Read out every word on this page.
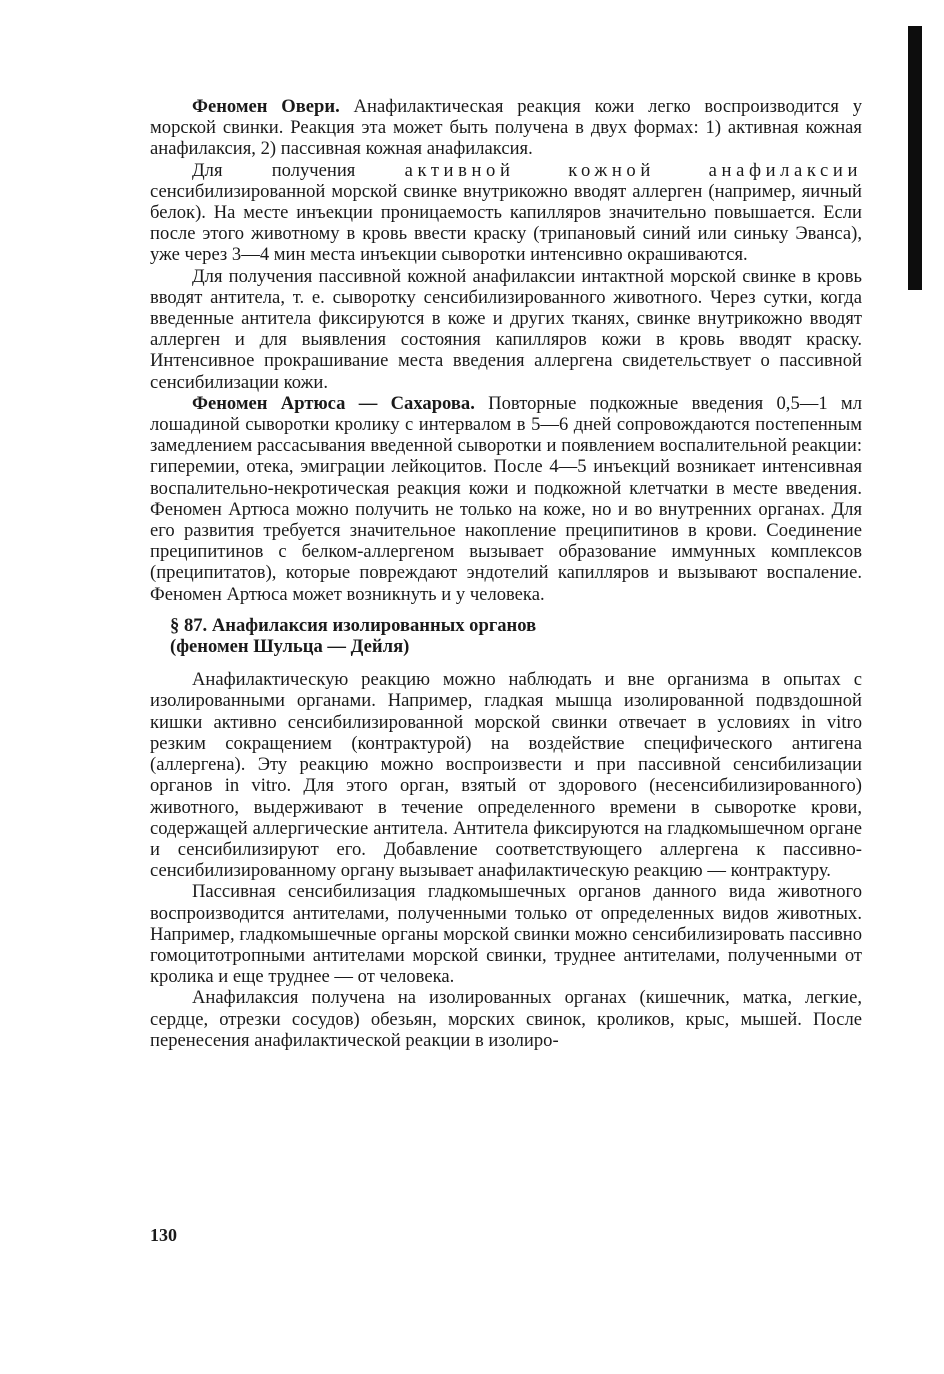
Феномен Овери. Анафилактическая реакция кожи легко воспроизводится у морской свинки. Реакция эта может быть получена в двух формах: 1) активная кожная анафилаксия, 2) пассивная кожная анафилаксия.

Для получения активной кожной анафилаксии сенсибилизированной морской свинке внутрикожно вводят аллерген (например, яичный белок). На месте инъекции проницаемость капилляров значительно повышается. Если после этого животному в кровь ввести краску (трипановый синий или синьку Эванса), уже через 3—4 мин места инъекции сыворотки интенсивно окрашиваются.

Для получения пассивной кожной анафилаксии интактной морской свинке в кровь вводят антитела, т. е. сыворотку сенсибилизированного животного. Через сутки, когда введенные антитела фиксируются в коже и других тканях, свинке внутрикожно вводят аллерген и для выявления состояния капилляров кожи в кровь вводят краску. Интенсивное прокрашивание места введения аллергена свидетельствует о пассивной сенсибилизации кожи.

Феномен Артюса — Сахарова. Повторные подкожные введения 0,5—1 мл лошадиной сыворотки кролику с интервалом в 5—6 дней сопровождаются постепенным замедлением рассасывания введенной сыворотки и появлением воспалительной реакции: гиперемии, отека, эмиграции лейкоцитов. После 4—5 инъекций возникает интенсивная воспалительно-некротическая реакция кожи и подкожной клетчатки в месте введения. Феномен Артюса можно получить не только на коже, но и во внутренних органах. Для его развития требуется значительное накопление преципитинов в крови. Соединение преципитинов с белком-аллергеном вызывает образование иммунных комплексов (преципитатов), которые повреждают эндотелий капилляров и вызывают воспаление. Феномен Артюса может возникнуть и у человека.

§ 87. Анафилаксия изолированных органов
(феномен Шульца — Дейля)

Анафилактическую реакцию можно наблюдать и вне организма в опытах с изолированными органами. Например, гладкая мышца изолированной подвздошной кишки активно сенсибилизированной морской свинки отвечает в условиях in vitro резким сокращением (контрактурой) на воздействие специфического антигена (аллергена). Эту реакцию можно воспроизвести и при пассивной сенсибилизации органов in vitro. Для этого орган, взятый от здорового (несенсибилизированного) животного, выдерживают в течение определенного времени в сыворотке крови, содержащей аллергические антитела. Антитела фиксируются на гладкомышечном органе и сенсибилизируют его. Добавление соответствующего аллергена к пассивно-сенсибилизированному органу вызывает анафилактическую реакцию — контрактуру.

Пассивная сенсибилизация гладкомышечных органов данного вида животного воспроизводится антителами, полученными только от определенных видов животных. Например, гладкомышечные органы морской свинки можно сенсибилизировать пассивно гомоцитотропными антителами морской свинки, труднее антителами, полученными от кролика и еще труднее — от человека.

Анафилаксия получена на изолированных органах (кишечник, матка, легкие, сердце, отрезки сосудов) обезьян, морских свинок, кроликов, крыс, мышей. После перенесения анафилактической реакции в изолиро-

130
